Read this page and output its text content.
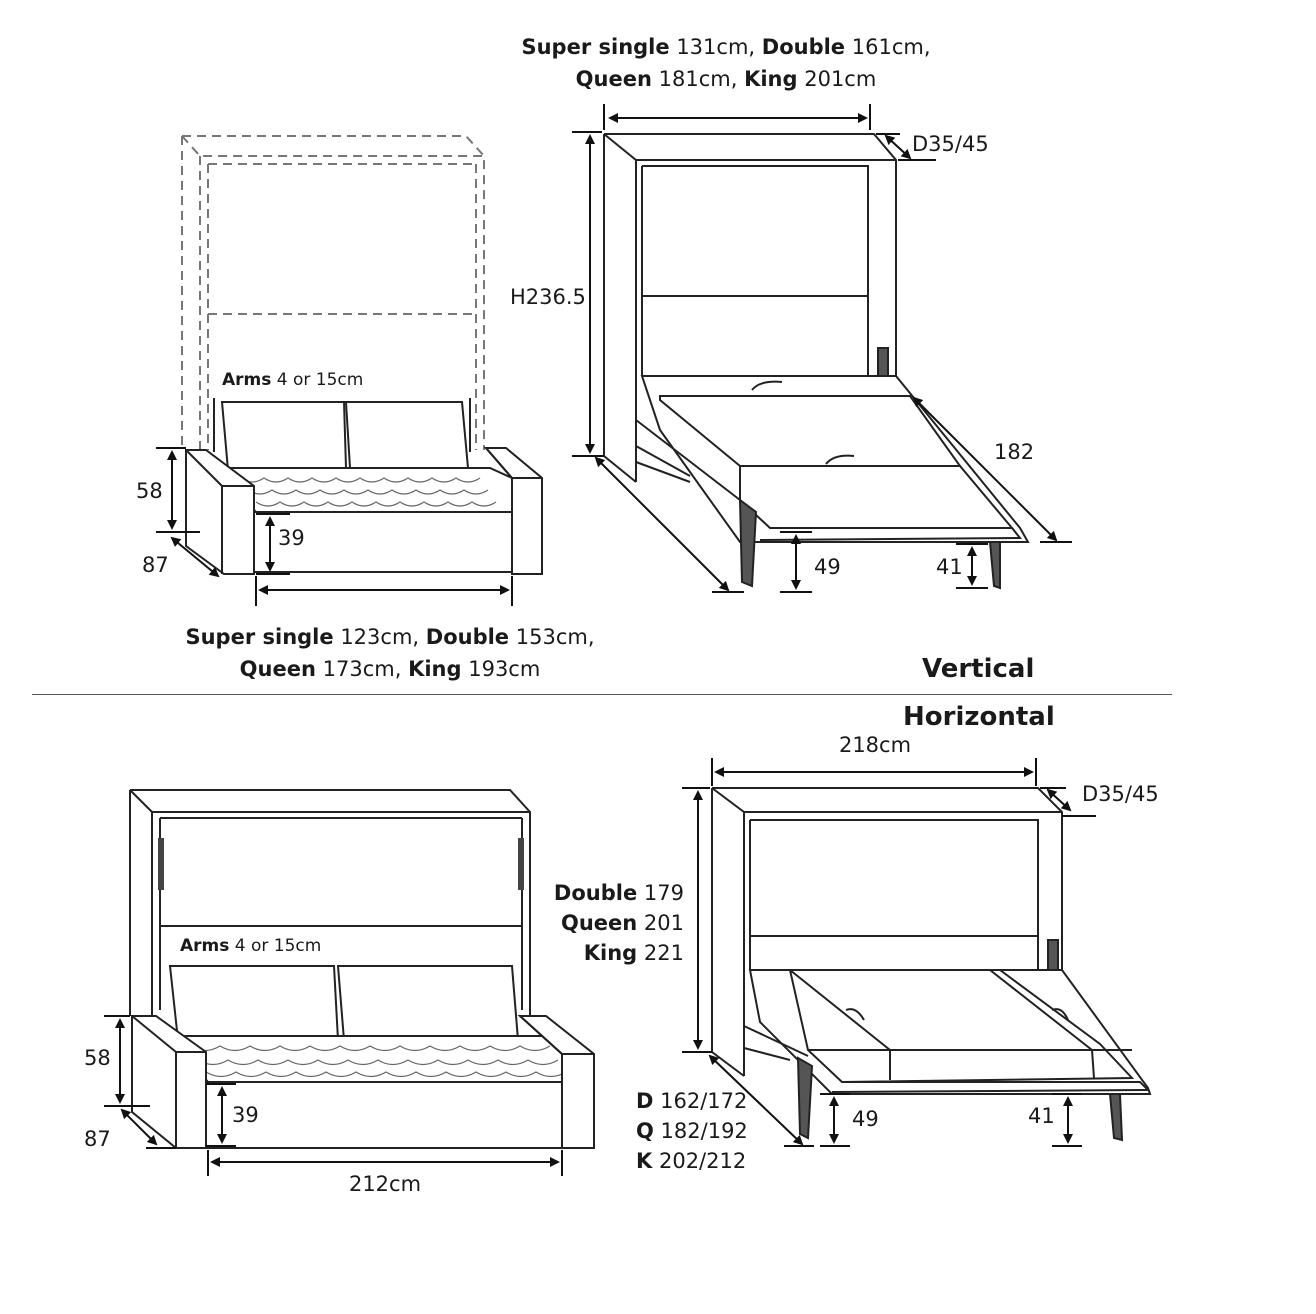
Arms 4 or 15cm
58
87
39
Super single 123cm, Double 153cm,
Queen 173cm, King 193cm
Super single 131cm, Double 161cm,
Queen 181cm, King 201cm
D35/45
H236.5
182
49	41
Vertical
Horizontal
Arms 4 or 15cm
58
87
39
212cm
218cm
D35/45
Double 179
Queen 201
King 221
D 162/172
Q 182/192
K 202/212
49	41
